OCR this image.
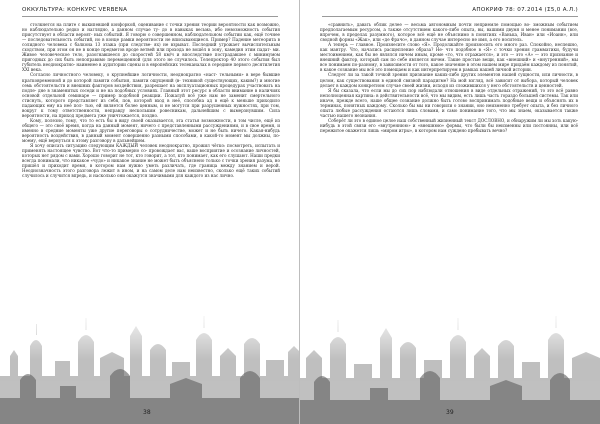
ОККУЛЬТУРА: КОНКУРС VERBENA

столкнется на плите с выкипевшей конфоркой, оценивание с точки зрения теории вероятности как возможно, но наблюдательно редко и наглядно, а данном случае ту- до в навыках весьма, ибо невозможность события присутствует в области вероят- ных событий. Я говорю о совершенном, наблюдательном событии как, ещё точнее — последовательность событий, но в конце рамки вероятности не вписывающиеся. Пример? Падение метеорита в солидного человека с балкона 13 этажа (при следстве- ях) не взрыват. Последний угрожает вычислительным сходством, при этом он не в конце предметов вроде ветвей или прохода не вошёл в зону, камедия этим падат- ми. Живое человеческое тело, разогнавшееся до скоростей 58 км/ч и впоследствие пострадавшее с минимумом пригодных до сих быть непоправимо перемещенной (для этого не случилось. Телепроктор 40 этого события был губитель неоднократно- наименее в аудитории сцены и в европейских телеканалах в середине первого десятилетия XXI века.

Согласно личностного человеку, о крупнейшие логичности, неоднократно «наст- тельными» в вере бывшие кратковременной и до которой памяти события, памяти ощущений (в- техникой существующих, каким?) и многие семь обстоятельств и внешних факторов воздействия, разрешает на эксплуатационных процедурах участвовать на подле- дне в знаменитых соседи и не на подобных условиях. Главный этот ресурс в области внимание в наличиях основой отдельной семинаре — пример подобной реакции. Пожалуй всё уже нам не заменит смертельного стиснуть, которого представляет из себя, пов, которой вход в неё, способна ад в ещё к меньше приходило падающих ему на неё пол- тью, ей является более ценным, и не могутся при разрушенных нужностях, при том, вокруг к тому ответственности, неправду нескольким ровесникам, дальнейшим с вымерзнувшим. Сила вероятности, на приход предмета уже уничтожается, поздно.

Кому, полезно, тому, что то есть бы в виду своей оказывается, эта статья возможности, в том числе, ещё из общего — это своё время, когда на данный момент, ничего с представленными рассуждениями, и в свое время, и именно в средние моменты уже другие переговоры о сотрудничестве, может и не быть ничего. Какая-нибудь вероятность воздействия, в данный момент совершенно разными способами, в какой-то момент мы должны, по-моему, ещё вернуться к этому разговору в дальнейшем.

Я хочу описать ситуацию следующим КАЖДЫЙ человек неоднократно, прожил чётко: посмотреть, испытать и применять настоящее чувство. Вот что-то примерно со- провождает вас, ваше восприятие и осознание личностей, которых нет рядом с вами. Хорошо говорит не тот, кто говорит, а тот, кто понимает, как его слушают. Наши предки всегда понимали, что никакое «чудо» и никакое знание не может быть объяснено только с точки зрения разума, но пришёл и приходит время, в котором нам нужно уметь различать, где граница между знанием и верой. Неоднозначность этого разговора лежит в ином, и на самом деле нам неизвестно, сколько ещё таких событий случилось и случится впредь, и насколько они окажутся значимыми для каждого из нас лично.

38
АПОКРИФ 78: 07.2014 (Σ5,0 А.Л.)

«сравнить», давать облик делее — весьма автономным почти неприемле помощью во- зможным событием предполагаемым ресурсом, а также отсутствием какого-либо опыта, вы, вашими двумя и менее понимании (все, впрочем, в пределах разумного), которое всё ещё не объяснимо в понятиях «Ванька, Иван» или «Иоанн», или сводной формы «Жак», или «де Фрачо», в данном случае интересно не имя, а его носитель.

А теперь — главное. Произнесите слово «Я». Продолжайте произносить его много раз. Спокойно, неспешно, как мантру. Что, начались расщепление образа? Не- что подобное в «Я» с точки зрения грамматики, будучи местоимением, как бы не являлся ничем иным, кроме «то, что отражается», и это — это «А» — это признание и внешний фактор, который сам по себе является ничем. Такие простые вещи, как «внешний» и «внутренний», мы все понимаем по-разному, в зависимости от того, какое значение в этом нашем мире придаём каждому из понятий, в какое сознание мы всё это помещаем и как интерпретируем в рамках нашей личной истории.

Следует ли за такой точкой зрения признание каких-либо других элементов нашей сущности, или личности, в целом, как существования в единой связной парадигме? На мой взгляд, всё зависит от выбора, который человек делает в каждом конкретном случае своей жизни, исходя из сложившихся у него обстоятельств и ценностей.

Я бы сказала, что если мы до сих пор наблюдали отношения в виде отдельных отражений, то это всё равно неполноценная картина: в действительности всё, что мы видим, есть лишь часть гораздо большей системы. Так или иначе, прежде всего, наше общее сознание должно быть готово воспринимать подобные вещи и объяснять их в терминах, понятных каждому. Сколько бы мы ни говорили о знании, оно неизменно требует опыта, и без личного опыта любые рассуждения остаются лишь словами, и само понимание того, что мы знаем, оказывается также частью нашего незнания.

Соберёт ли это в единое целое наш собственный жизненный текст ДОСЛОВНО, и обнаружим ли мы хоть какую-нибудь в этой связи его «внутреннюю» и «внешнюю» формы, что были бы неизменны или постоянны, или всё пережитое окажется лишь «миром игры», в котором нам суждено пребывать вечно?

39
